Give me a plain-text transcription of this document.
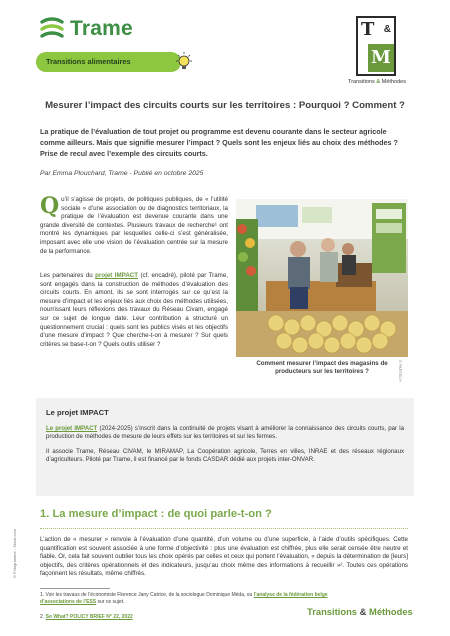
Trame
Transitions alimentaires
T &
M
Transitions & Méthodes
Mesurer l’impact des circuits courts sur les territoires : Pourquoi ? Comment ?
La pratique de l’évaluation de tout projet ou programme est devenu courante dans le secteur agricole comme ailleurs. Mais que signifie mesurer l’impact ? Quels sont les enjeux liés au choix des méthodes ? Prise de recul avec l’exemple des circuits courts.
Par Emma Plouchard, Trame - Publié en octobre 2025
Qu’il s’agisse de projets, de politiques publiques, de « l’utilité sociale » d’une association ou de diagnostics territoriaux, la pratique de l’évaluation est devenue courante dans une grande diversité de contextes. Plusieurs travaux de recherche¹ ont montré les dynamiques par lesquelles celle-ci s’est généralisée, imposant avec elle une vision de l’évaluation centrée sur la mesure de la performance.
Les partenaires du projet IMPACT (cf. encadré), piloté par Trame, sont engagés dans la construction de méthodes d’évaluation des circuits courts. En amont, ils se sont interrogés sur ce qu’est la mesure d’impact et les enjeux liés aux choix des méthodes utilisées, nourrissant leurs réflexions des travaux du Réseau Civam, engagé sur ce sujet de longue date. Leur contribution a structuré un questionnement crucial : quels sont les publics visés et les objectifs d’une mesure d’impact ? Que cherche-t-on à mesurer ? Sur quels critères se base-t-on ? Quels outils utiliser ?
Comment mesurer l’impact des magasins de producteurs sur les territoires ?	© PARTECH
Le projet IMPACT

Le projet IMPACT (2024-2025) s’inscrit dans la continuité de projets visant à améliorer la connaissance des circuits courts, par la production de méthodes de mesure de leurs effets sur les territoires et sur les fermes.

Il associe Trame, Réseau CIVAM, le MIRAMAP, La Coopération agricole, Terres en villes, INRAE et des réseaux régionaux d’agriculteurs. Piloté par Trame, il est financé par le fonds CASDAR dédié aux projets inter-ONVAR.

1. La mesure d’impact : de quoi parle-t-on ?
L’action de « mesurer » renvoie à l’évaluation d’une quantité, d’un volume ou d’une superficie, à l’aide d’outils spécifiques. Cette quantification est souvent associée à une forme d’objectivité : plus une évaluation est chiffrée, plus elle serait censée être neutre et fiable. Or, cela fait souvent oublier tous les choix opérés par celles et ceux qui portent l’évaluation, « depuis la détermination de [leurs] objectifs, des critères opérationnels et des indicateurs, jusqu’au choix même des informations à recueillir »². Toutes ces opérations façonnent les résultats, même chiffrés.
© Fotogramme - Stock.com
1. Voir les travaux de l’économiste Florence Jany Catrice, de la sociologue Dominique Méda, ou l’analyse de la fédération belge d’associations de l’ESS sur ce sujet.
2. So What? POLICY BRIEF N° 22, 2022	Transitions & Méthodes
